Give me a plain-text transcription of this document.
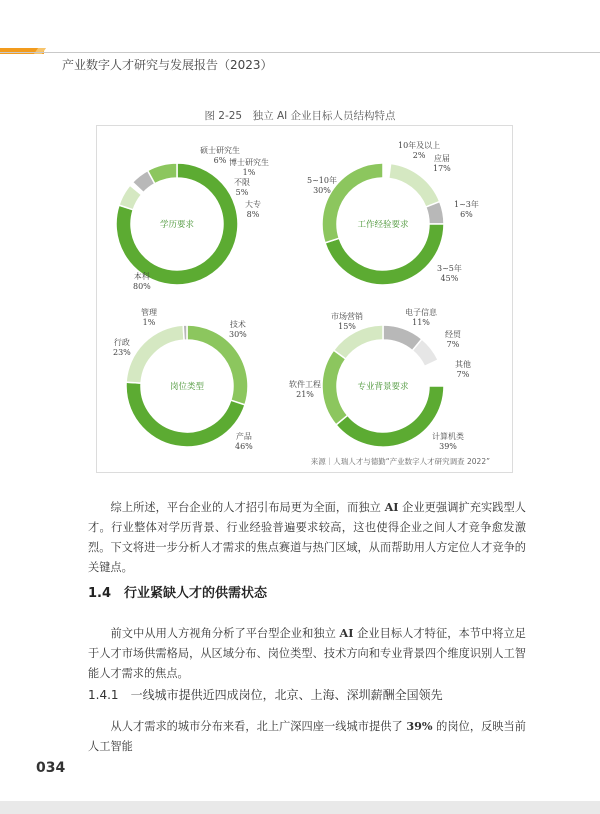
产业数字人才研究与发展报告（2023）
图 2-25　独立 AI 企业目标人员结构特点
学历要求
硕士研究生
6% 博士研究生
1%
不限
5%
大专
8%
本科
80%
工作经验要求
10年及以上
2%	应届
17%
1~3年
6%
3~5年
45%
5~10年
30%
岗位类型
管理
1%	技术
30%
行政
23%
产品
46%
专业背景要求
市场营销
15%
电子信息
11%
经贸
7%
其他
7%
软件工程
21%
计算机类
39%
来源｜人瑞人才与德勤“产业数字人才研究调查 2022”
　　综上所述，平台企业的人才招引布局更为全面，而独立 AI 企业更强调扩充实践型人才。行业整体对学历背景、行业经验普遍要求较高，这也使得企业之间人才竞争愈发激烈。下文将进一步分析人才需求的焦点赛道与热门区域，从而帮助用人方定位人才竞争的关键点。
1.4　 行业紧缺人才的供需状态
　　前文中从用人方视角分析了平台型企业和独立 AI 企业目标人才特征，本节中将立足于人才市场供需格局，从区域分布、岗位类型、技术方向和专业背景四个维度识别人工智能人才需求的焦点。
1.4.1　 一线城市提供近四成岗位，北京、上海、深圳薪酬全国领先
　　从人才需求的城市分布来看，北上广深四座一线城市提供了 39% 的岗位，反映当前人工智能
034
